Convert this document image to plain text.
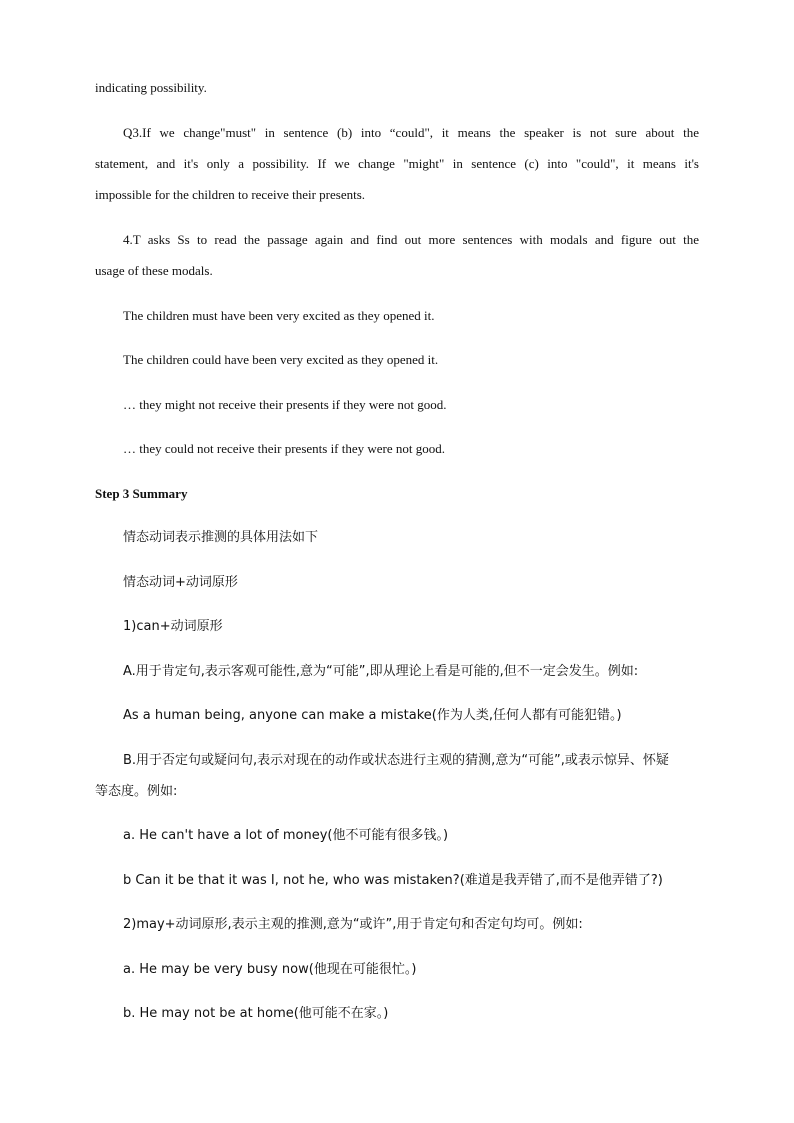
indicating possibility.
Q3.If we change"must" in sentence (b) into “could", it means the speaker is not sure about the
statement, and it's only a possibility. If we change "might" in sentence (c) into "could", it means it's
impossible for the children to receive their presents.
4.T asks Ss to read the passage again and find out more sentences with modals and figure out the
usage of these modals.
The children must have been very excited as they opened it.
The children could have been very excited as they opened it.
… they might not receive their presents if they were not good.
… they could not receive their presents if they were not good.
Step 3 Summary
情态动词表示推测的具体用法如下
情态动词+动词原形
1)can+动词原形
A.用于肯定句,表示客观可能性,意为“可能”,即从理论上看是可能的,但不一定会发生。例如:
As a human being, anyone can make a mistake(作为人类,任何人都有可能犯错。)
B.用于否定句或疑问句,表示对现在的动作或状态进行主观的猜测,意为“可能”,或表示惊异、怀疑
等态度。例如:
a. He can't have a lot of money(他不可能有很多钱。)
b Can it be that it was I, not he, who was mistaken?(难道是我弄错了,而不是他弄错了?)
2)may+动词原形,表示主观的推测,意为“或许”,用于肯定句和否定句均可。例如:
a. He may be very busy now(他现在可能很忙。)
b. He may not be at home(他可能不在家。)
